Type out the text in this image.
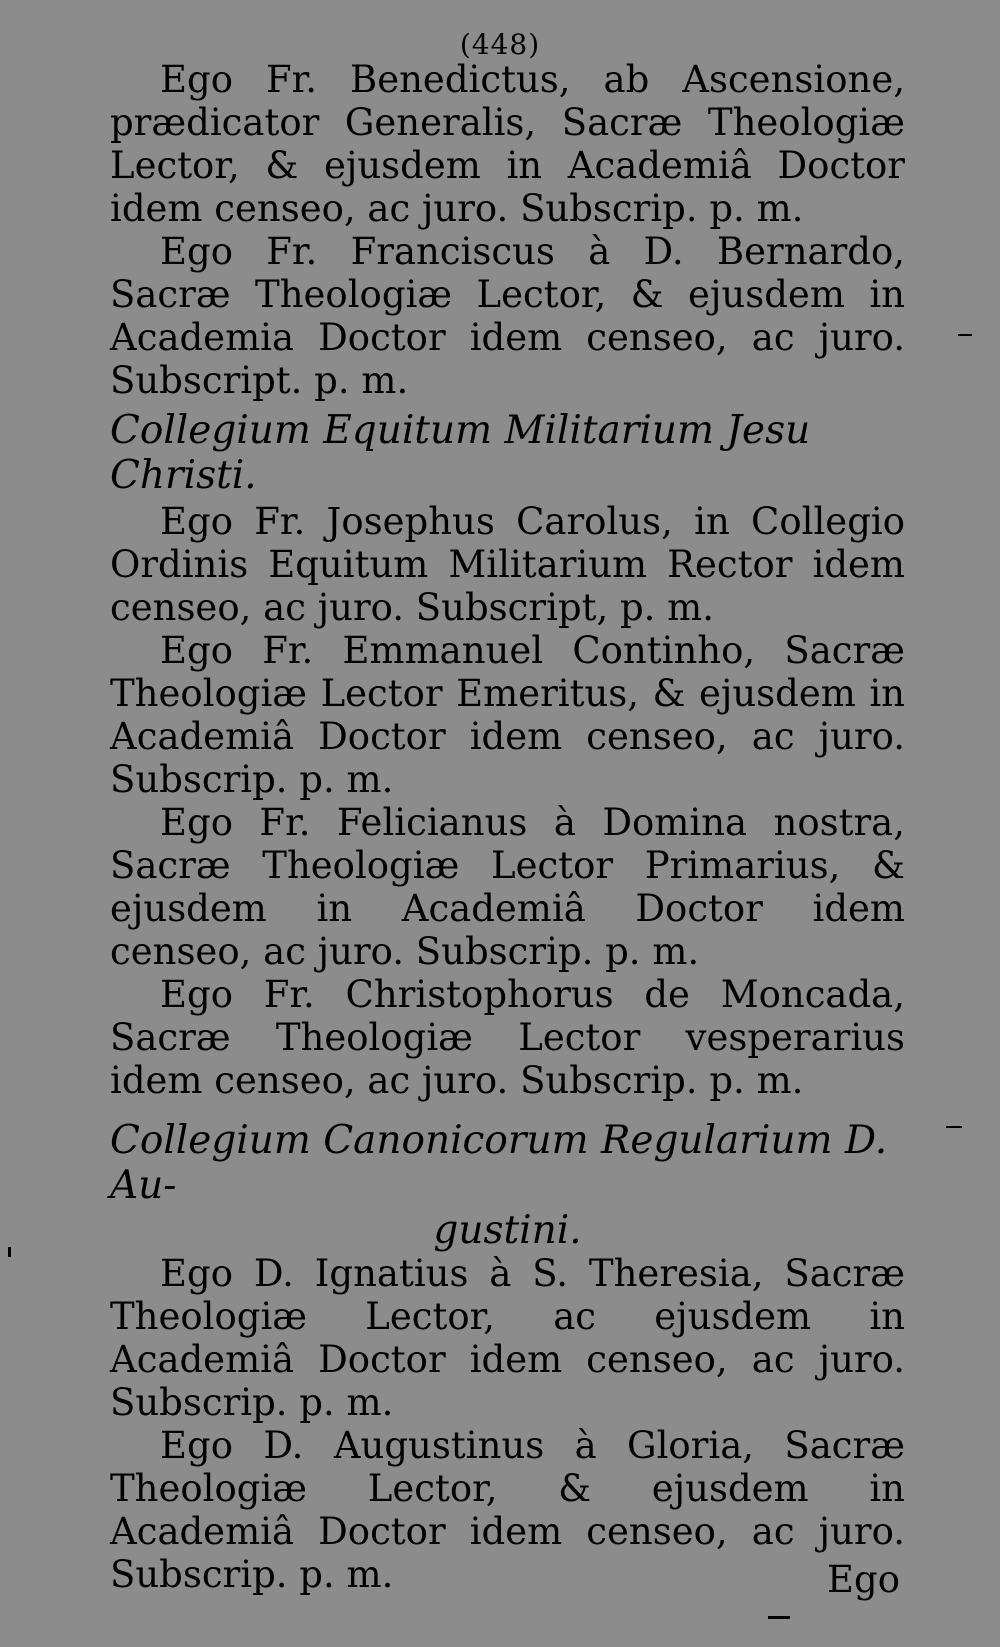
(448)

Ego Fr. Benedictus, ab Ascensione, prædicator Generalis, Sacræ Theologiæ Lector, & ejusdem in Academiâ Doctor idem censeo, ac juro. Subscrip. p. m.

Ego Fr. Franciscus à D. Bernardo, Sacræ Theologiæ Lector, & ejusdem in Academia Doctor idem censeo, ac juro. Subscript. p. m.

Collegium Equitum Militarium Jesu Christi.

Ego Fr. Josephus Carolus, in Collegio Ordinis Equitum Militarium Rector idem censeo, ac juro. Subscript, p. m.

Ego Fr. Emmanuel Continho, Sacræ Theologiæ Lector Emeritus, & ejusdem in Academiâ Doctor idem censeo, ac juro. Subscrip. p. m.

Ego Fr. Felicianus à Domina nostra, Sacræ Theologiæ Lector Primarius, & ejusdem in Academiâ Doctor idem censeo, ac juro. Subscrip. p. m.

Ego Fr. Christophorus de Moncada, Sacræ Theologiæ Lector vesperarius idem censeo, ac juro. Subscrip. p. m.

Collegium Canonicorum Regularium D. Au-

gustini.

Ego D. Ignatius à S. Theresia, Sacræ Theologiæ Lector, ac ejusdem in Academiâ Doctor idem censeo, ac juro. Subscrip. p. m.

Ego D. Augustinus à Gloria, Sacræ Theologiæ Lector, & ejusdem in Academiâ Doctor idem censeo, ac juro. Subscrip. p. m.	Ego
